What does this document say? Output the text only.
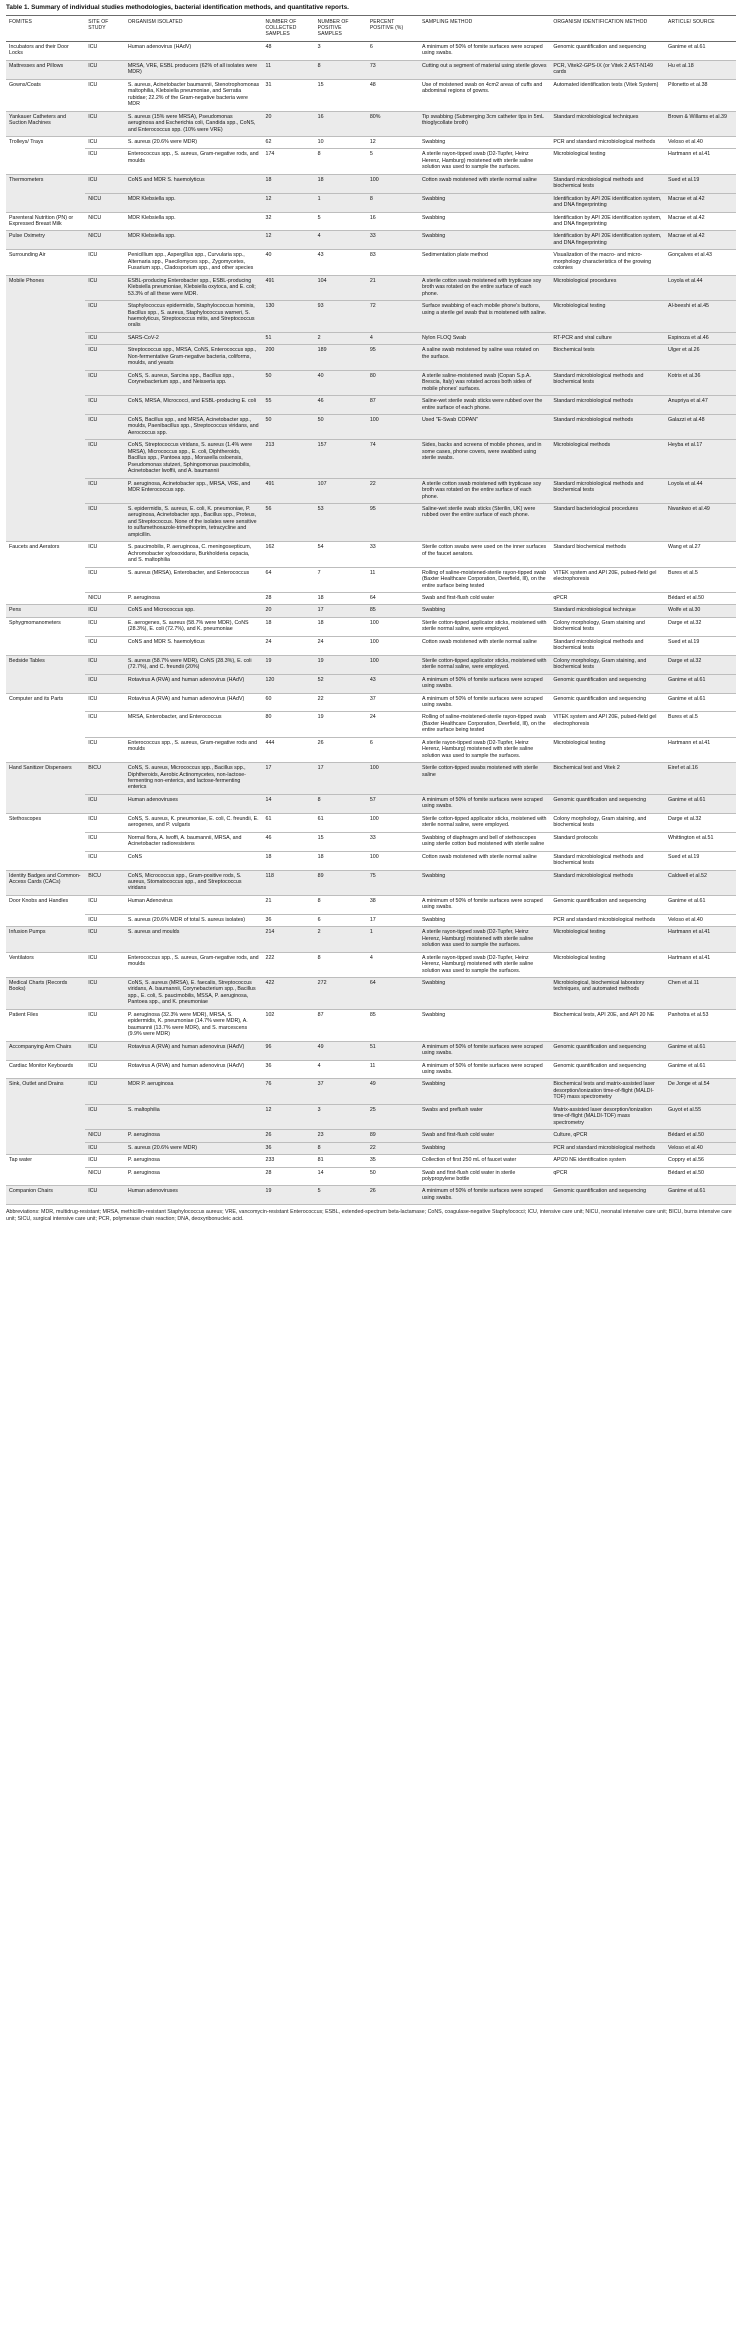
Table 1. Summary of individual studies methodologies, bacterial identification methods, and quantitative reports.
FOMITES	SITE OF STUDY	ORGANISM ISOLATED	NUMBER OF COLLECTED SAMPLES	NUMBER OF POSITIVE SAMPLES	PERCENT POSITIVE (%)	SAMPLING METHOD	ORGANISM IDENTIFICATION METHOD	ARTICLE/ SOURCE
Incubators and their Door Locks	ICU	Human adenovirus (HAdV)	48	3	6	A minimum of 50% of fomite surfaces were scraped using swabs.	Genomic quantification and sequencing	Ganime et al.61
Mattresses and Pillows	ICU	MRSA, VRE, ESBL producers (62% of all isolates were MDR)	11	8	73	Cutting out a segment of material using sterile gloves	PCR, Vitek2-GPS-IX (or Vitek 2 AST-N149 cards	Hu et al.18
Gowns/Coats	ICU	S. aureus, Acinetobacter baumannii, Stenotrophomonas maltophilia, Klebsiella pneumoniae, and Serratia rubidae; 22.2% of the Gram-negative bacteria were MDR	31	15	48	Use of moistened swab on 4cm2 areas of cuffs and abdominal regions of gowns.	Automated identification tests (Vitek System)	Pilonetto et al.38
Yankauer Catheters and Suction Machines	ICU	S. aureus (15% were MRSA), Pseudomonas aeruginosa and Escherichia coli, Candida spp., CoNS, and Enterococcus spp. (10% were VRE)	20	16	80%	Tip swabbing (Submerging 3cm catheter tips in 5mL thioglycollate broth)	Standard microbiological techniques	Brown & Willams et al.39
Trolleys/ Trays	ICU	S. aureus (20.6% were MDR)	62	10	12	Swabbing	PCR and standard microbiological methods	Veloso et al.40
	ICU	Enterococcus spp., S. aureus, Gram-negative rods, and moulds	174	8	5	A sterile rayon-tipped swab (D2-Tupfer, Heinz Herenz, Hamburg) moistened with sterile saline solution was used to sample the surfaces.	Microbiological testing	Hartmann et al.41
Thermometers	ICU	CoNS and MDR S. haemolyticus	18	18	100	Cotton swab moistened with sterile normal saline	Standard microbiological methods and biochemical tests	Sued et al.19
	NICU	MDR Klebsiella spp.	12	1	8	Swabbing	Identification by API 20E identification system, and DNA fingerprinting	Macrae et al.42
Parenteral Nutrition (PN) or Expressed Breast Milk	NICU	MDR Klebsiella spp.	32	5	16	Swabbing	Identification by API 20E identification system, and DNA fingerprinting	Macrae et al.42
Pulse Oximetry	NICU	MDR Klebsiella spp.	12	4	33	Swabbing	Identification by API 20E identification system, and DNA fingerprinting	Macrae et al.42
Surrounding Air	ICU	Penicillium spp., Aspergillus spp., Curvularia spp., Alternaria spp., Paecilomyces spp., Zygomycetes, Fusarium spp., Cladosporium spp., and other species	40	43	83	Sedimentation plate method	Visualization of the macro- and micro-morphology characteristics of the growing colonies	Gonçalves et al.43
Mobile Phones	ICU	ESBL-producing Enterobacter spp., ESBL-producing Klebsiella pneumoniae, Klebsiella oxytoca, and E. coli; 53.3% of all these were MDR.	491	104	21	A sterile cotton swab moistened with trypticase soy broth was rotated on the entire surface of each phone.	Microbiological procedures	Loyola et al.44
	ICU	Staphylococcus epidermidis, Staphylococcus hominis, Bacillus spp., S. aureus, Staphylococcus warneri, S. haemolyticus, Streptococcus mitis, and Streptococcus oralis	130	93	72	Surface swabbing of each mobile phone's buttons, using a sterile gel swab that is moistened with saline.	Microbiological testing	Al-beeshi et al.45
	ICU	SARS-CoV-2	51	2	4	Nylon FLOQ Swab	RT-PCR and viral culture	Espinoza et al.46
	ICU	Streptococcus spp., MRSA, CoNS, Enterococcus spp., Non-fermentative Gram-negative bacteria, coliforms, moulds, and yeasts	200	189	95	A saline swab moistened by saline was rotated on the surface.	Biochemical tests	Ulger et al.26
	ICU	CoNS, S. aureus, Sarcina spp., Bacillus spp., Corynebacterium spp., and Neisseria spp.	50	40	80	A sterile saline-moistened swab (Copan S.p.A. Brescia, Italy) was rotated across both sides of mobile phones' surfaces.	Standard microbiological methods and biochemical tests	Kotris et al.36
	ICU	CoNS, MRSA, Micrococci, and ESBL-producing E. coli	55	46	87	Saline-wet sterile swab sticks were rubbed over the entire surface of each phone.	Standard microbiological methods	Anupriya et al.47
	ICU	CoNS, Bacillus spp., and MRSA, Acinetobacter spp., moulds, Paenibacillus spp., Streptococcus viridans, and Aerococcus spp.	50	50	100	Used "E-Swab COPAN"	Standard microbiological methods	Galazzi et al.48
	ICU	CoNS, Streptococcus viridans, S. aureus (1.4% were MRSA), Micrococcus spp., E. coli, Diphtheroids, Bacillus spp., Pantoea spp., Moraxella osloensis, Pseudomonas stutzeri, Sphingomonas paucimobilis, Acinetobacter lwoffii, and A. baumannii	213	157	74	Sides, backs and screens of mobile phones, and in some cases, phone covers, were swabbed using sterile swabs.	Microbiological methods	Heyba et al.17
	ICU	P. aeruginosa, Acinetobacter spp., MRSA, VRE, and MDR Enterococcus spp.	491	107	22	A sterile cotton swab moistened with trypticase soy broth was rotated on the entire surface of each phone.	Standard microbiological methods and biochemical tests	Loyola et al.44
	ICU	S. epidermidis, S. aureus, E. coli, K. pneumoniae, P. aeruginosa, Acinetobacter spp., Bacillus spp., Proteus, and Streptococcus. None of the isolates were sensitive to sulfamethoxazole-trimethoprim, tetracycline and ampicillin.	56	53	95	Saline-wet sterile swab sticks (Sterilin, UK) were rubbed over the entire surface of each phone.	Standard bacteriological procedures	Nwankwo et al.49
Faucets and Aerators	ICU	S. paucimobilis, P. aeruginosa, C. meningosepticum, Achromobacter xylosoxidans, Burkholderia cepacia, and S. maltophilia	162	54	33	Sterile cotton swabs were used on the inner surfaces of the faucet aerators.	Standard biochemical methods	Wang et al.27
	ICU	S. aureus (MRSA), Enterobacter, and Enterococcus	64	7	11	Rolling of saline-moistened-sterile rayon-tipped swab (Baxter Healthcare Corporation, Deerfield, Ill), on the entire surface being tested	VITEK system and API 20E, pulsed-field gel electrophoresis	Bures et al.5
	NICU	P. aeruginosa	28	18	64	Swab and first-flush cold water	qPCR	Bédard et al.50
Pens	ICU	CoNS and Micrococcus spp.	20	17	85	Swabbing	Standard microbiological technique	Wolfe et al.30
Sphygmomanometers	ICU	E. aerogenes, S. aureus (58.7% were MDR), CoNS (28.3%), E. coli (72.7%), and K. pneumoniae	18	18	100	Sterile cotton-tipped applicator sticks, moistened with sterile normal saline, were employed.	Colony morphology, Gram staining and biochemical tests	Darge et al.32
	ICU	CoNS and MDR S. haemolyticus	24	24	100	Cotton swab moistened with sterile normal saline	Standard microbiological methods and biochemical tests	Sued et al.19
Bedside Tables	ICU	S. aureus (58.7% were MDR), CoNS (28.3%), E. coli (72.7%), and C. freundii (20%)	19	19	100	Sterile cotton-tipped applicator sticks, moistened with sterile normal saline, were employed.	Colony morphology, Gram staining, and biochemical tests	Darge et al.32
	ICU	Rotavirus A (RVA) and human adenovirus (HAdV)	120	52	43	A minimum of 50% of fomite surfaces were scraped using swabs.	Genomic quantification and sequencing	Ganime et al.61
Computer and its Parts	ICU	Rotavirus A (RVA) and human adenovirus (HAdV)	60	22	37	A minimum of 50% of fomite surfaces were scraped using swabs.	Genomic quantification and sequencing	Ganime et al.61
	ICU	MRSA, Enterobacter, and Enterococcus	80	19	24	Rolling of saline-moistened-sterile rayon-tipped swab (Baxter Healthcare Corporation, Deerfield, Ill), on the entire surface being tested	VITEK system and API 20E, pulsed-field gel electrophoresis	Bures et al.5
	ICU	Enterococcus spp., S. aureus, Gram-negative rods and moulds	444	26	6	A sterile rayon-tipped swab (D2-Tupfer, Heinz Herenz, Hamburg) moistened with sterile saline solution was used to sample the surfaces.	Microbiological testing	Hartmann et al.41
Hand Sanitizer Dispensers	BICU	CoNS, S. aureus, Micrococcus spp., Bacillus spp., Diphtheroids, Aerobic Actinomycetes, non-lactose-fermenting non-enterics, and lactose-fermenting enterics	17	17	100	Sterile cotton-tipped swabs moistened with sterile saline	Biochemical test and Vitek 2	Eiref et al.16
	ICU	Human adenoviruses	14	8	57	A minimum of 50% of fomite surfaces were scraped using swabs.	Genomic quantification and sequencing	Ganime et al.61
Stethoscopes	ICU	CoNS, S. aureus, K. pneumoniae, E. coli, C. freundii, E. aerogenes, and P. vulgaris	61	61	100	Sterile cotton-tipped applicator sticks, moistened with sterile normal saline, were employed.	Colony morphology, Gram staining, and biochemical tests	Darge et al.32
	ICU	Normal flora, A. lwoffi, A. baumannii, MRSA, and Acinetobacter radioresistens	46	15	33	Swabbing of diaphragm and bell of stethoscopes using sterile cotton bud moistened with sterile saline	Standard protocols	Whittington et al.51
	ICU	CoNS	18	18	100	Cotton swab moistened with sterile normal saline	Standard microbiological methods and biochemical tests	Sued et al.19
Identity Badges and Common-Access Cards (CACs)	BICU	CoNS, Micrococcus spp., Gram-positive rods, S. aureus, Stomatococcus spp., and Streptococcus viridans	118	89	75	Swabbing	Standard microbiological methods	Caldwell et al.52
Door Knobs and Handles	ICU	Human Adenovirus	21	8	38	A minimum of 50% of fomite surfaces were scraped using swabs.	Genomic quantification and sequencing	Ganime et al.61
	ICU	S. aureus (20.6% MDR of total S. aureus isolates)	36	6	17	Swabbing	PCR and standard microbiological methods	Veloso et al.40
Infusion Pumps	ICU	S. aureus and moulds	214	2	1	A sterile rayon-tipped swab (D2-Tupfer, Heinz Herenz, Hamburg) moistened with sterile saline solution was used to sample the surfaces.	Microbiological testing	Hartmann et al.41
Ventilators	ICU	Enterococcus spp., S. aureus, Gram-negative rods, and moulds	222	8	4	A sterile rayon-tipped swab (D2-Tupfer, Heinz Herenz, Hamburg) moistened with sterile saline solution was used to sample the surfaces.	Microbiological testing	Hartmann et al.41
Medical Charts (Records Books)	ICU	CoNS, S. aureus (MRSA), E. faecalis, Streptococcus viridans, A. baumannii, Corynebacterium spp., Bacillus spp., E. coli, S. paucimobilis, MSSA, P. aeruginosa, Pantoea spp., and K. pneumoniae	422	272	64	Swabbing	Microbiological, biochemical laboratory techniques, and automated methods	Chen et al.11
Patient Files	ICU	P. aeruginosa (32.3% were MDR), MRSA, S. epidermidis, K. pneumoniae (14.7% were MDR), A. baumannii (13.7% were MDR), and S. marcescens (9.9% were MDR)	102	87	85	Swabbing	Biochemical tests, API 20E, and API 20 NE	Panhotra et al.53
Accompanying Arm Chairs	ICU	Rotavirus A (RVA) and human adenovirus (HAdV)	96	49	51	A minimum of 50% of fomite surfaces were scraped using swabs.	Genomic quantification and sequencing	Ganime et al.61
Cardiac Monitor Keyboards	ICU	Rotavirus A (RVA) and human adenovirus (HAdV)	36	4	11	A minimum of 50% of fomite surfaces were scraped using swabs.	Genomic quantification and sequencing	Ganime et al.61
Sink, Outlet and Drains	ICU	MDR P. aeruginosa	76	37	49	Swabbing	Biochemical tests and matrix-assisted laser desorption/ionization time-of-flight (MALDI-TOF) mass spectrometry	De Jonge et al.54
	ICU	S. maltophilia	12	3	25	Swabs and preflush water	Matrix-assisted laser desorption/ionization time-of-flight (MALDI-TOF) mass spectrometry	Guyot et al.55
	NICU	P. aeruginosa	26	23	89	Swab and first-flush cold water	Culture, qPCR	Bédard et al.50
	ICU	S. aureus (20.6% were MDR)	36	8	22	Swabbing	PCR and standard microbiological methods	Veloso et al.40
Tap water	ICU	P. aeruginosa	233	81	35	Collection of first 250 mL of faucet water	API20 NE identification system	Coppry et al.56
	NICU	P. aeruginosa	28	14	50	Swab and first-flush cold water in sterile polypropylene bottle	qPCR	Bédard et al.50
Companion Chairs	ICU	Human adenoviruses	19	5	26	A minimum of 50% of fomite surfaces were scraped using swabs.	Genomic quantification and sequencing	Ganime et al.61
Abbreviations: MDR, multidrug-resistant; MRSA, methicillin-resistant Staphylococcus aureus; VRE, vancomycin-resistant Enterococcus; ESBL, extended-spectrum beta-lactamase; CoNS, coagulase-negative Staphylococci; ICU, intensive care unit; NICU, neonatal intensive care unit; BICU, burns intensive care unit; SICU, surgical intensive care unit; PCR, polymerase chain reaction; DNA, deoxyribonucleic acid.
